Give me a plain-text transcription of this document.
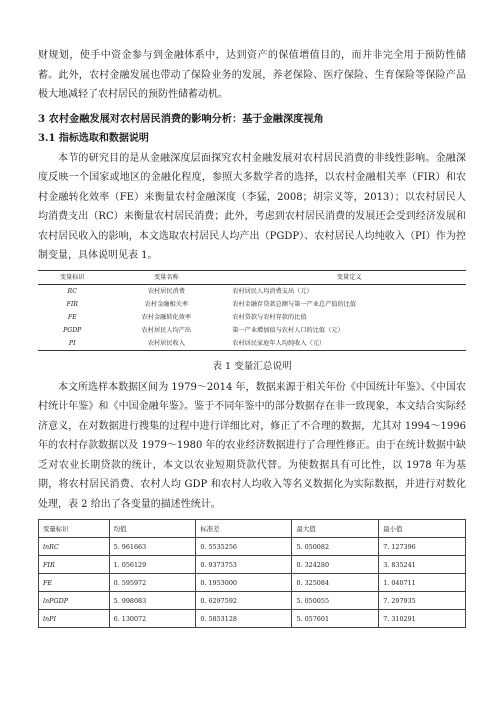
财规划，使手中资金参与到金融体系中，达到资产的保值增值目的，而并非完全用于预防性储蓄。此外，农村金融发展也带动了保险业务的发展，养老保险、医疗保险、生育保险等保险产品极大地减轻了农村居民的预防性储蓄动机。

3 农村金融发展对农村居民消费的影响分析：基于金融深度视角
3.1 指标选取和数据说明

本节的研究目的是从金融深度层面探究农村金融发展对农村居民消费的非线性影响。金融深度反映一个国家或地区的金融化程度，参照大多数学者的选择，以农村金融相关率（FIR）和农村金融转化效率（FE）来衡量农村金融深度（李猛，2008；胡宗义等，2013）；以农村居民人均消费支出（RC）来衡量农村居民消费；此外，考虑到农村居民消费的发展还会受到经济发展和农村居民收入的影响，本文选取农村居民人均产出（PGDP）、农村居民人均纯收入（PI）作为控制变量，具体说明见表 1。

变量标识	变量名称	变量定义
RC	农村居民消费	农村居民人均消费支出（元）
FIR	农村金融相关率	农村金融存贷款总额与第一产业总产值的比值
FE	农村金融转化效率	农村贷款与农村存款的比值
PGDP	农村居民人均产出	第一产业增加值与农村人口的比值（元）
PI	农村居民收入	农村居民家庭年人均纯收入（元）
表 1 变量汇总说明

本文所选样本数据区间为 1979～2014 年，数据来源于相关年份《中国统计年鉴》、《中国农村统计年鉴》和《中国金融年鉴》。鉴于不同年鉴中的部分数据存在非一致现象，本文结合实际经济意义，在对数据进行搜集的过程中进行详细比对，修正了不合理的数据，尤其对 1994～1996 年的农村存款数据以及 1979～1980 年的农业经济数据进行了合理性修正。由于在统计数据中缺乏对农业长期贷款的统计，本文以农业短期贷款代替。为使数据具有可比性，以 1978 年为基期，将农村居民消费、农村人均 GDP 和农村人均收入等名义数据化为实际数据，并进行对数化处理，表 2 给出了各变量的描述性统计。

变量标识	均值	标准差	最大值	最小值
lnRC	5. 961663	0. 5535256	5. 050082	7. 127396
FIR	1. 056129	0. 9373753	0. 324280	3. 835241
FE	0. 595972	0. 1953000	0. 325084	1. 040711
lnPGDP	5. 998083	0. 6297592	5. 050055	7. 297935
lnPI	6. 130072	0. 5853128	5. 057601	7. 310291
